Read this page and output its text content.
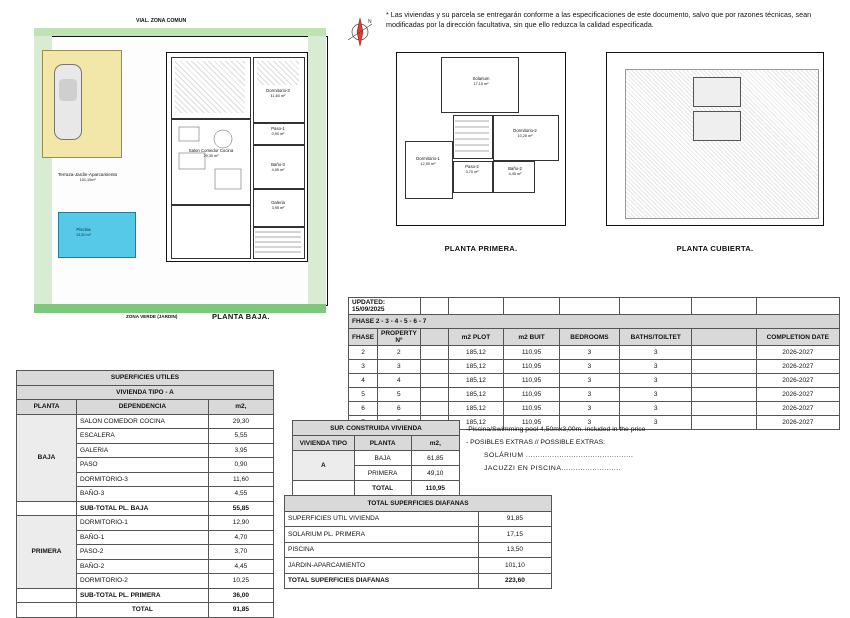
* Las viviendas y su parcela se entregarán conforme a las especificaciones de este documento, salvo que por razones técnicas, sean modificadas por la dirección facultativa, sin que ello reduzca la calidad especificada.
N
VIAL. ZONA COMUN
ZONA VERDE (JARDIN)
Piscina
13,50 m²
Terraza-Jardin-Aparcamiento
101,10m²
Salon Comedor Cocina
29,30 m²
Dormitorio-3
11,60 m²
Paso-1
0,90 m²
Baño-3
4,55 m²
Galeria
3,95 m²
PLANTA BAJA.
Solarium
17,15 m²
Dormitorio-2
10,25 m²
Dormitorio-1
12,90 m²
Paso-2
3,70 m²
Baño-2
4,45 m²
PLANTA PRIMERA.	PLANTA CUBIERTA.
UPDATED: 15/09/2025								
FHASE 2 - 3 - 4 - 5 - 6 - 7								
FHASE	PROPERTY Nº		m2 PLOT	m2 BUIT	BEDROOMS	BATHS/TOILTET		COMPLETION DATE
2	2		185,12	110,95	3	3		2026-2027
3	3		185,12	110,95	3	3		2026-2027
4	4		185,12	110,95	3	3		2026-2027
5	5		185,12	110,95	3	3		2026-2027
6	6		185,12	110,95	3	3		2026-2027
			185,12	110,95	3	3		2026-2027
SUPERFICIES UTILES		
VIVIENDA TIPO - A		
PLANTA	DEPENDENCIA	m2,
BAJA	SALON COMEDOR COCINA	29,30
	ESCALERA	5,55
	GALERIA	3,95
	PASO	0,90
	DORMITORIO-3	11,60
	BAÑO-3	4,55
	SUB-TOTAL PL. BAJA	55,85
PRIMERA	DORMITORIO-1	12,90
	BAÑO-1	4,70
	PASO-2	3,70
	BAÑO-2	4,45
	DORMITORIO-2	10,25
	SUB-TOTAL PL. PRIMERA	36,00
	TOTAL	91,85
SUP. CONSTRUIDA VIVIENDA		
VIVIENDA TIPO	PLANTA	m2,
A	BAJA	61,85
	PRIMERA	49,10
	TOTAL	110,95
-Piscina/Swimming pool 4,50mx3,00m. included in the price
- POSIBLES EXTRAS // POSSIBLE EXTRAS:
SOLÁRIUM .............................................
JACUZZI EN PISCINA.........................
TOTAL SUPERFICIES DIAFANAS	
SUPERFICIES UTIL VIVIENDA	91,85
SOLARIUM PL. PRIMERA	17,15
PISCINA	13,50
JARDIN-APARCAMIENTO	101,10
TOTAL SUPERFICIES DIAFANAS	223,60
